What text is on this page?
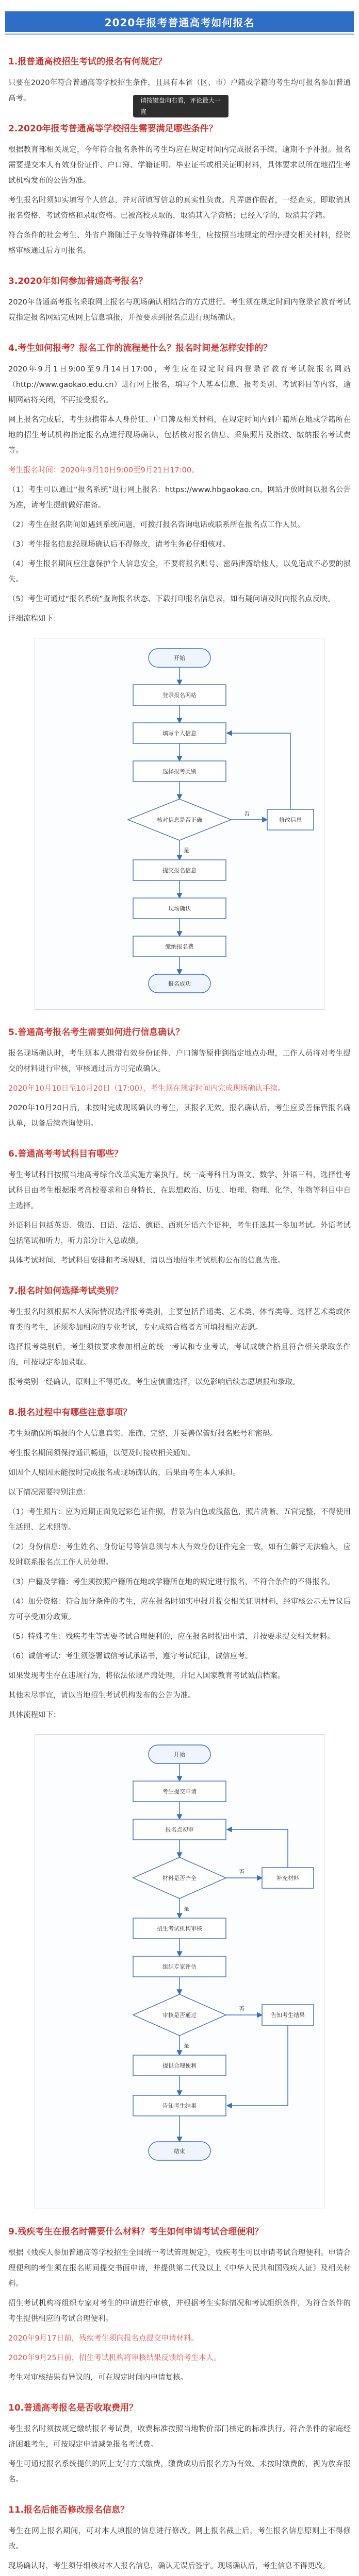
2020年报考普通高考如何报名
请按键盘向右看，评论最大一直
1.报普通高校招生考试的报名有何规定？
只要在2020年符合普通高等学校招生条件，且具有本省（区、市）户籍或学籍的考生均可报名参加普通高考。
2.2020年报考普通高等学校招生需要满足哪些条件？
根据教育部相关规定，今年符合报名条件的考生均应在规定时间内完成报名手续，逾期不予补报。报名需要提交本人有效身份证件、户口簿、学籍证明、毕业证书或相关证明材料，具体要求以所在地招生考试机构发布的公告为准。
考生报名时须如实填写个人信息，并对所填写信息的真实性负责。凡弄虚作假者，一经查实，即取消其报名资格、考试资格和录取资格。已被高校录取的，取消其入学资格；已经入学的，取消其学籍。
符合条件的社会考生、外省户籍随迁子女等特殊群体考生，应按照当地规定的程序提交相关材料，经资格审核通过后方可报名。
3.2020年如何参加普通高考报名？
2020年普通高考报名采取网上报名与现场确认相结合的方式进行。考生须在规定时间内登录省教育考试院指定报名网站完成网上信息填报，并按要求到报名点进行现场确认。
4.考生如何报考？报名工作的流程是什么？报名时间是怎样安排的？
2020年9月1日9:00至9月14日17:00，考生应在规定时间内登录省教育考试院报名网站（http://www.gaokao.edu.cn）进行网上报名，填写个人基本信息、报考类别、考试科目等内容，逾期网站将关闭，不再接受报名。
网上报名完成后，考生须携带本人身份证、户口簿及相关材料，在规定时间内到户籍所在地或学籍所在地的招生考试机构指定报名点进行现场确认，包括核对报名信息、采集照片及指纹、缴纳报名考试费等。
考生报名时间：2020年9月10日9:00至9月21日17:00。
（1）考生可以通过“报名系统”进行网上报名：https://www.hbgaokao.cn，网站开放时间以报名公告为准，请考生提前做好准备。
（2）考生在报名期间如遇到系统问题，可拨打报名咨询电话或联系所在报名点工作人员。
（3）考生报名信息经现场确认后不得修改，请考生务必仔细核对。
（4）考生报名期间应注意保护个人信息安全，不要将报名账号、密码泄露给他人，以免造成不必要的损失。
（5）考生可通过“报名系统”查询报名状态、下载打印报名信息表，如有疑问请及时向报名点反映。
详细流程如下：
开始
登录报名网站
填写个人信息
选择报考类别
核对信息是否正确
否
修改信息
是
提交报名信息
现场确认
缴纳报名费
报名成功
5.普通高考报名考生需要如何进行信息确认？
报名现场确认时，考生须本人携带有效身份证件、户口簿等原件到指定地点办理，工作人员将对考生提交的材料进行审核，审核通过后方可完成确认。
2020年10月10日至10月20日（17:00），考生须在规定时间内完成现场确认手续。
2020年10月20日后，未按时完成现场确认的考生，其报名无效。报名确认后，考生应妥善保管报名确认单，以备后续查询使用。
6.普通高考考试科目有哪些？
考生考试科目按照当地高考综合改革实施方案执行。统一高考科目为语文、数学、外语三科，选择性考试科目由考生根据报考高校要求和自身特长，在思想政治、历史、地理、物理、化学、生物等科目中自主选择。
外语科目包括英语、俄语、日语、法语、德语、西班牙语六个语种，考生任选其一参加考试。外语考试包括笔试和听力，听力部分计入总成绩。
具体考试时间、考试科目安排和考场规则，请以当地招生考试机构公布的信息为准。
7.报名时如何选择考试类别？
考生报名时须根据本人实际情况选择报考类别，主要包括普通类、艺术类、体育类等。选择艺术类或体育类的考生，还须参加相应的专业考试，专业成绩合格者方可填报相应志愿。
选择报考类别后，考生须按要求参加相应的统一考试和专业考试，考试成绩合格且符合相关录取条件的，可按规定参加录取。
报考类别一经确认，原则上不得更改。考生应慎重选择，以免影响后续志愿填报和录取。
8.报名过程中有哪些注意事项？
考生须确保所填报的个人信息真实、准确、完整，并妥善保管好报名账号和密码。
考生报名期间须保持通讯畅通，以便及时接收相关通知。
如因个人原因未能按时完成报名或现场确认的，后果由考生本人承担。
以下情况需要特别注意：
（1）考生照片：应为近期正面免冠彩色证件照，背景为白色或浅蓝色，照片清晰、五官完整，不得使用生活照、艺术照等。
（2）身份信息：考生姓名、身份证号等信息须与本人有效身份证件完全一致，如有生僻字无法输入，应及时联系报名点工作人员处理。
（3）户籍及学籍：考生须按照户籍所在地或学籍所在地的规定进行报名，不符合条件的不得报名。
（4）加分资格：符合加分条件的考生，应在报名时如实申报并提交相关证明材料，经审核公示无异议后方可享受加分政策。
（5）特殊考生：残疾考生等需要考试合理便利的，应在报名时提出申请，并按要求提交相关材料。
（6）诚信考试：考生须签署诚信考试承诺书，遵守考试纪律，诚信应考。
如果发现考生存在违规行为，将依法依规严肃处理，并记入国家教育考试诚信档案。
其他未尽事宜，请以当地招生考试机构发布的公告为准。
具体流程如下：
开始
考生提交申请
报名点初审
材料是否齐全
否
补充材料
是
招生考试机构审核
组织专家评估
审核是否通过
否
告知考生结果
是
提供合理便利
告知考生结果
结束
9.残疾考生在报名时需要什么材料？考生如何申请考试合理便利？
根据《残疾人参加普通高等学校招生全国统一考试管理规定》，残疾考生可以申请考试合理便利。申请合理便利的考生须在报名期间提交书面申请，并提供第二代及以上《中华人民共和国残疾人证》及相关材料。
招生考试机构将组织专家对考生的申请进行审核，并根据考生实际情况和考试组织条件，为符合条件的考生提供相应的考试合理便利。
2020年9月17日前，残疾考生须向报名点提交申请材料。
2020年9月25日前，招生考试机构将审核结果反馈给考生本人。
考生对审核结果有异议的，可在规定时间内申请复核。
10.普通高考报名是否收取费用？
考生报名时须按规定缴纳报名考试费，收费标准按照当地物价部门核定的标准执行。符合条件的家庭经济困难考生，可按规定申请减免报名考试费。
考生可通过报名系统提供的网上支付方式缴费，缴费成功后报名方为有效。未按时缴费的，视为放弃报名。
11.报名后能否修改报名信息？
考生在网上报名期间，可对本人填报的信息进行修改。网上报名截止后，考生报名信息原则上不得修改。
现场确认时，考生须仔细核对本人报名信息，确认无误后签字。现场确认后，考生信息不得更改。
